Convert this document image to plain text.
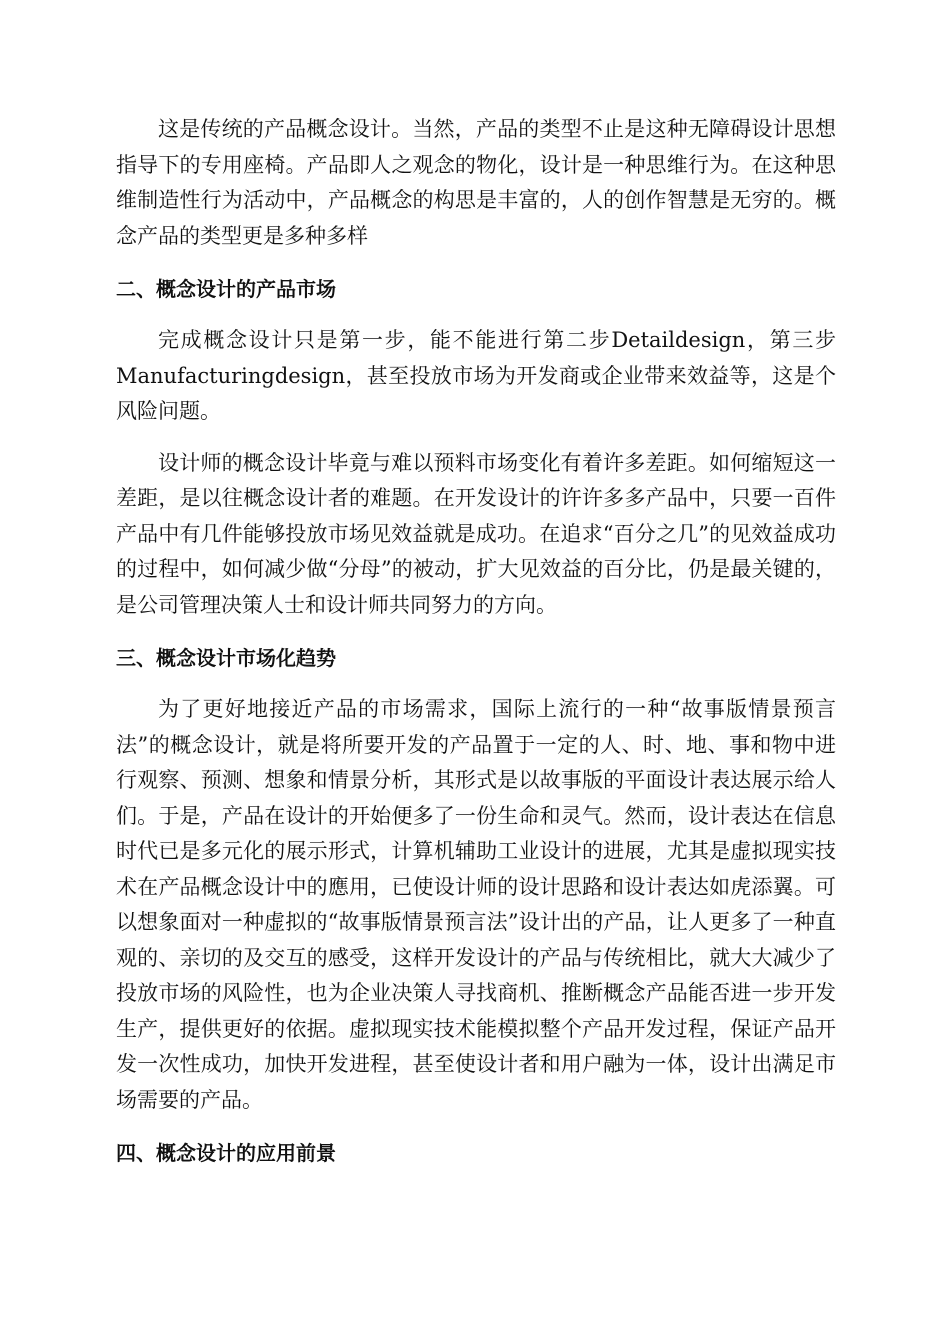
这是传统的产品概念设计。当然，产品的类型不止是这种无障碍设计思想指导下的专用座椅。产品即人之观念的物化，设计是一种思维行为。在这种思维制造性行为活动中，产品概念的构思是丰富的，人的创作智慧是无穷的。概念产品的类型更是多种多样

二、概念设计的产品市场

完成概念设计只是第一步，能不能进行第二步Detaildesign，第三步Manufacturingdesign，甚至投放市场为开发商或企业带来效益等，这是个风险问题。

设计师的概念设计毕竟与难以预料市场变化有着许多差距。如何缩短这一差距，是以往概念设计者的难题。在开发设计的许许多多产品中，只要一百件产品中有几件能够投放市场见效益就是成功。在追求“百分之几”的见效益成功的过程中，如何减少做“分母”的被动，扩大见效益的百分比，仍是最关键的，是公司管理决策人士和设计师共同努力的方向。

三、概念设计市场化趋势

为了更好地接近产品的市场需求，国际上流行的一种“故事版情景预言法”的概念设计，就是将所要开发的产品置于一定的人、时、地、事和物中进行观察、预测、想象和情景分析，其形式是以故事版的平面设计表达展示给人们。于是，产品在设计的开始便多了一份生命和灵气。然而，设计表达在信息时代已是多元化的展示形式，计算机辅助工业设计的进展，尤其是虚拟现实技术在产品概念设计中的應用，已使设计师的设计思路和设计表达如虎添翼。可以想象面对一种虚拟的“故事版情景预言法”设计出的产品，让人更多了一种直观的、亲切的及交互的感受，这样开发设计的产品与传统相比，就大大减少了投放市场的风险性，也为企业决策人寻找商机、推断概念产品能否进一步开发生产，提供更好的依据。虚拟现实技术能模拟整个产品开发过程，保证产品开发一次性成功，加快开发进程，甚至使设计者和用户融为一体，设计出满足市场需要的产品。

四、概念设计的应用前景
